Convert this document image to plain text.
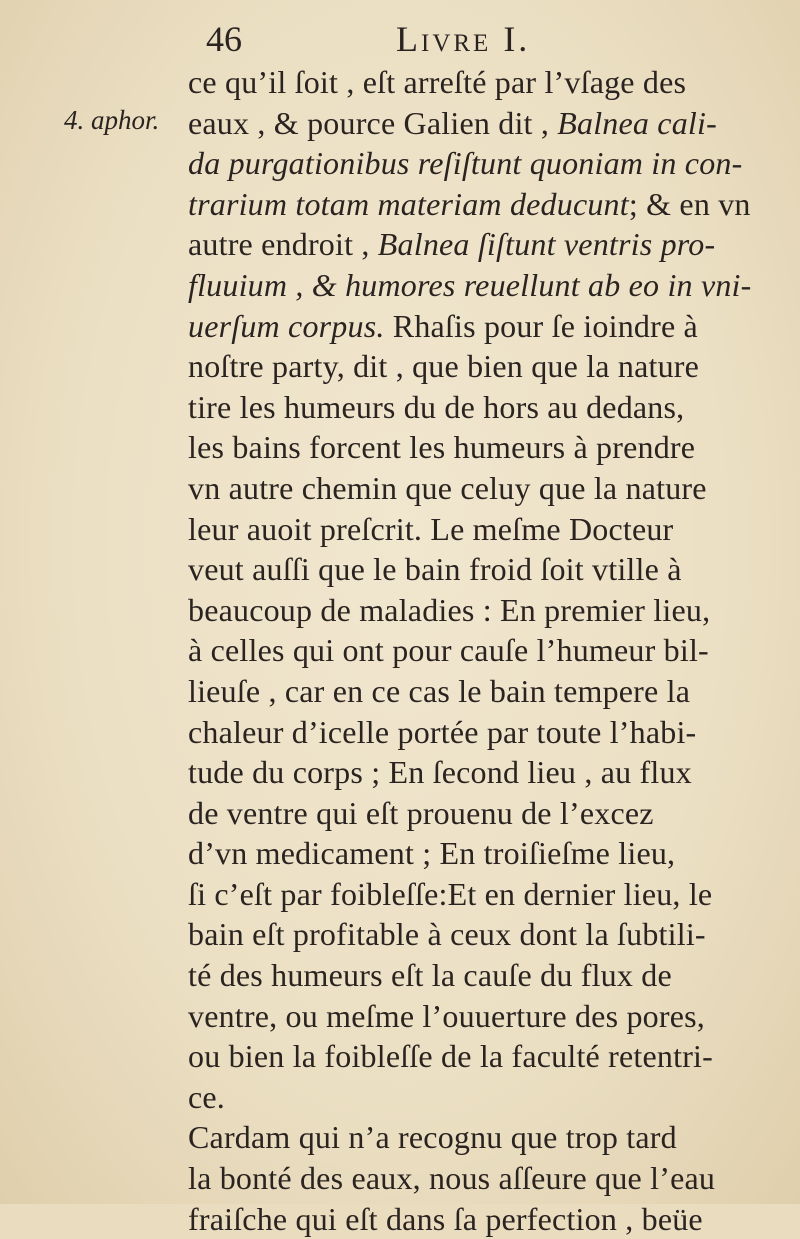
46	Livre I.
4. aphor.
ce qu’il ſoit , eſt arreſté par l’vſage des
eaux , & pource Galien dit , Balnea cali-
da purgationibus reſiſtunt quoniam in con-
trarium totam materiam deducunt; & en vn
autre endroit , Balnea ſiſtunt ventris pro-
fluuium , & humores reuellunt ab eo in vni-
uerſum corpus. Rhaſis pour ſe ioindre à
noſtre party, dit , que bien que la nature
tire les humeurs du de hors au dedans,
les bains forcent les humeurs à prendre
vn autre chemin que celuy que la nature
leur auoit preſcrit. Le meſme Docteur
veut auſſi que le bain froid ſoit vtille à
beaucoup de maladies : En premier lieu,
à celles qui ont pour cauſe l’humeur bil-
lieuſe , car en ce cas le bain tempere la
chaleur d’icelle portée par toute l’habi-
tude du corps ; En ſecond lieu , au flux
de ventre qui eſt prouenu de l’excez
d’vn medicament ; En troiſieſme lieu,
ſi c’eſt par foibleſſe:Et en dernier lieu, le
bain eſt profitable à ceux dont la ſubtili-
té des humeurs eſt la cauſe du flux de
ventre, ou meſme l’ouuerture des pores,
ou bien la foibleſſe de la faculté retentri-
ce.
Cardam qui n’a recognu que trop tard
la bonté des eaux, nous aſſeure que l’eau
fraiſche qui eſt dans ſa perfection , beüe
